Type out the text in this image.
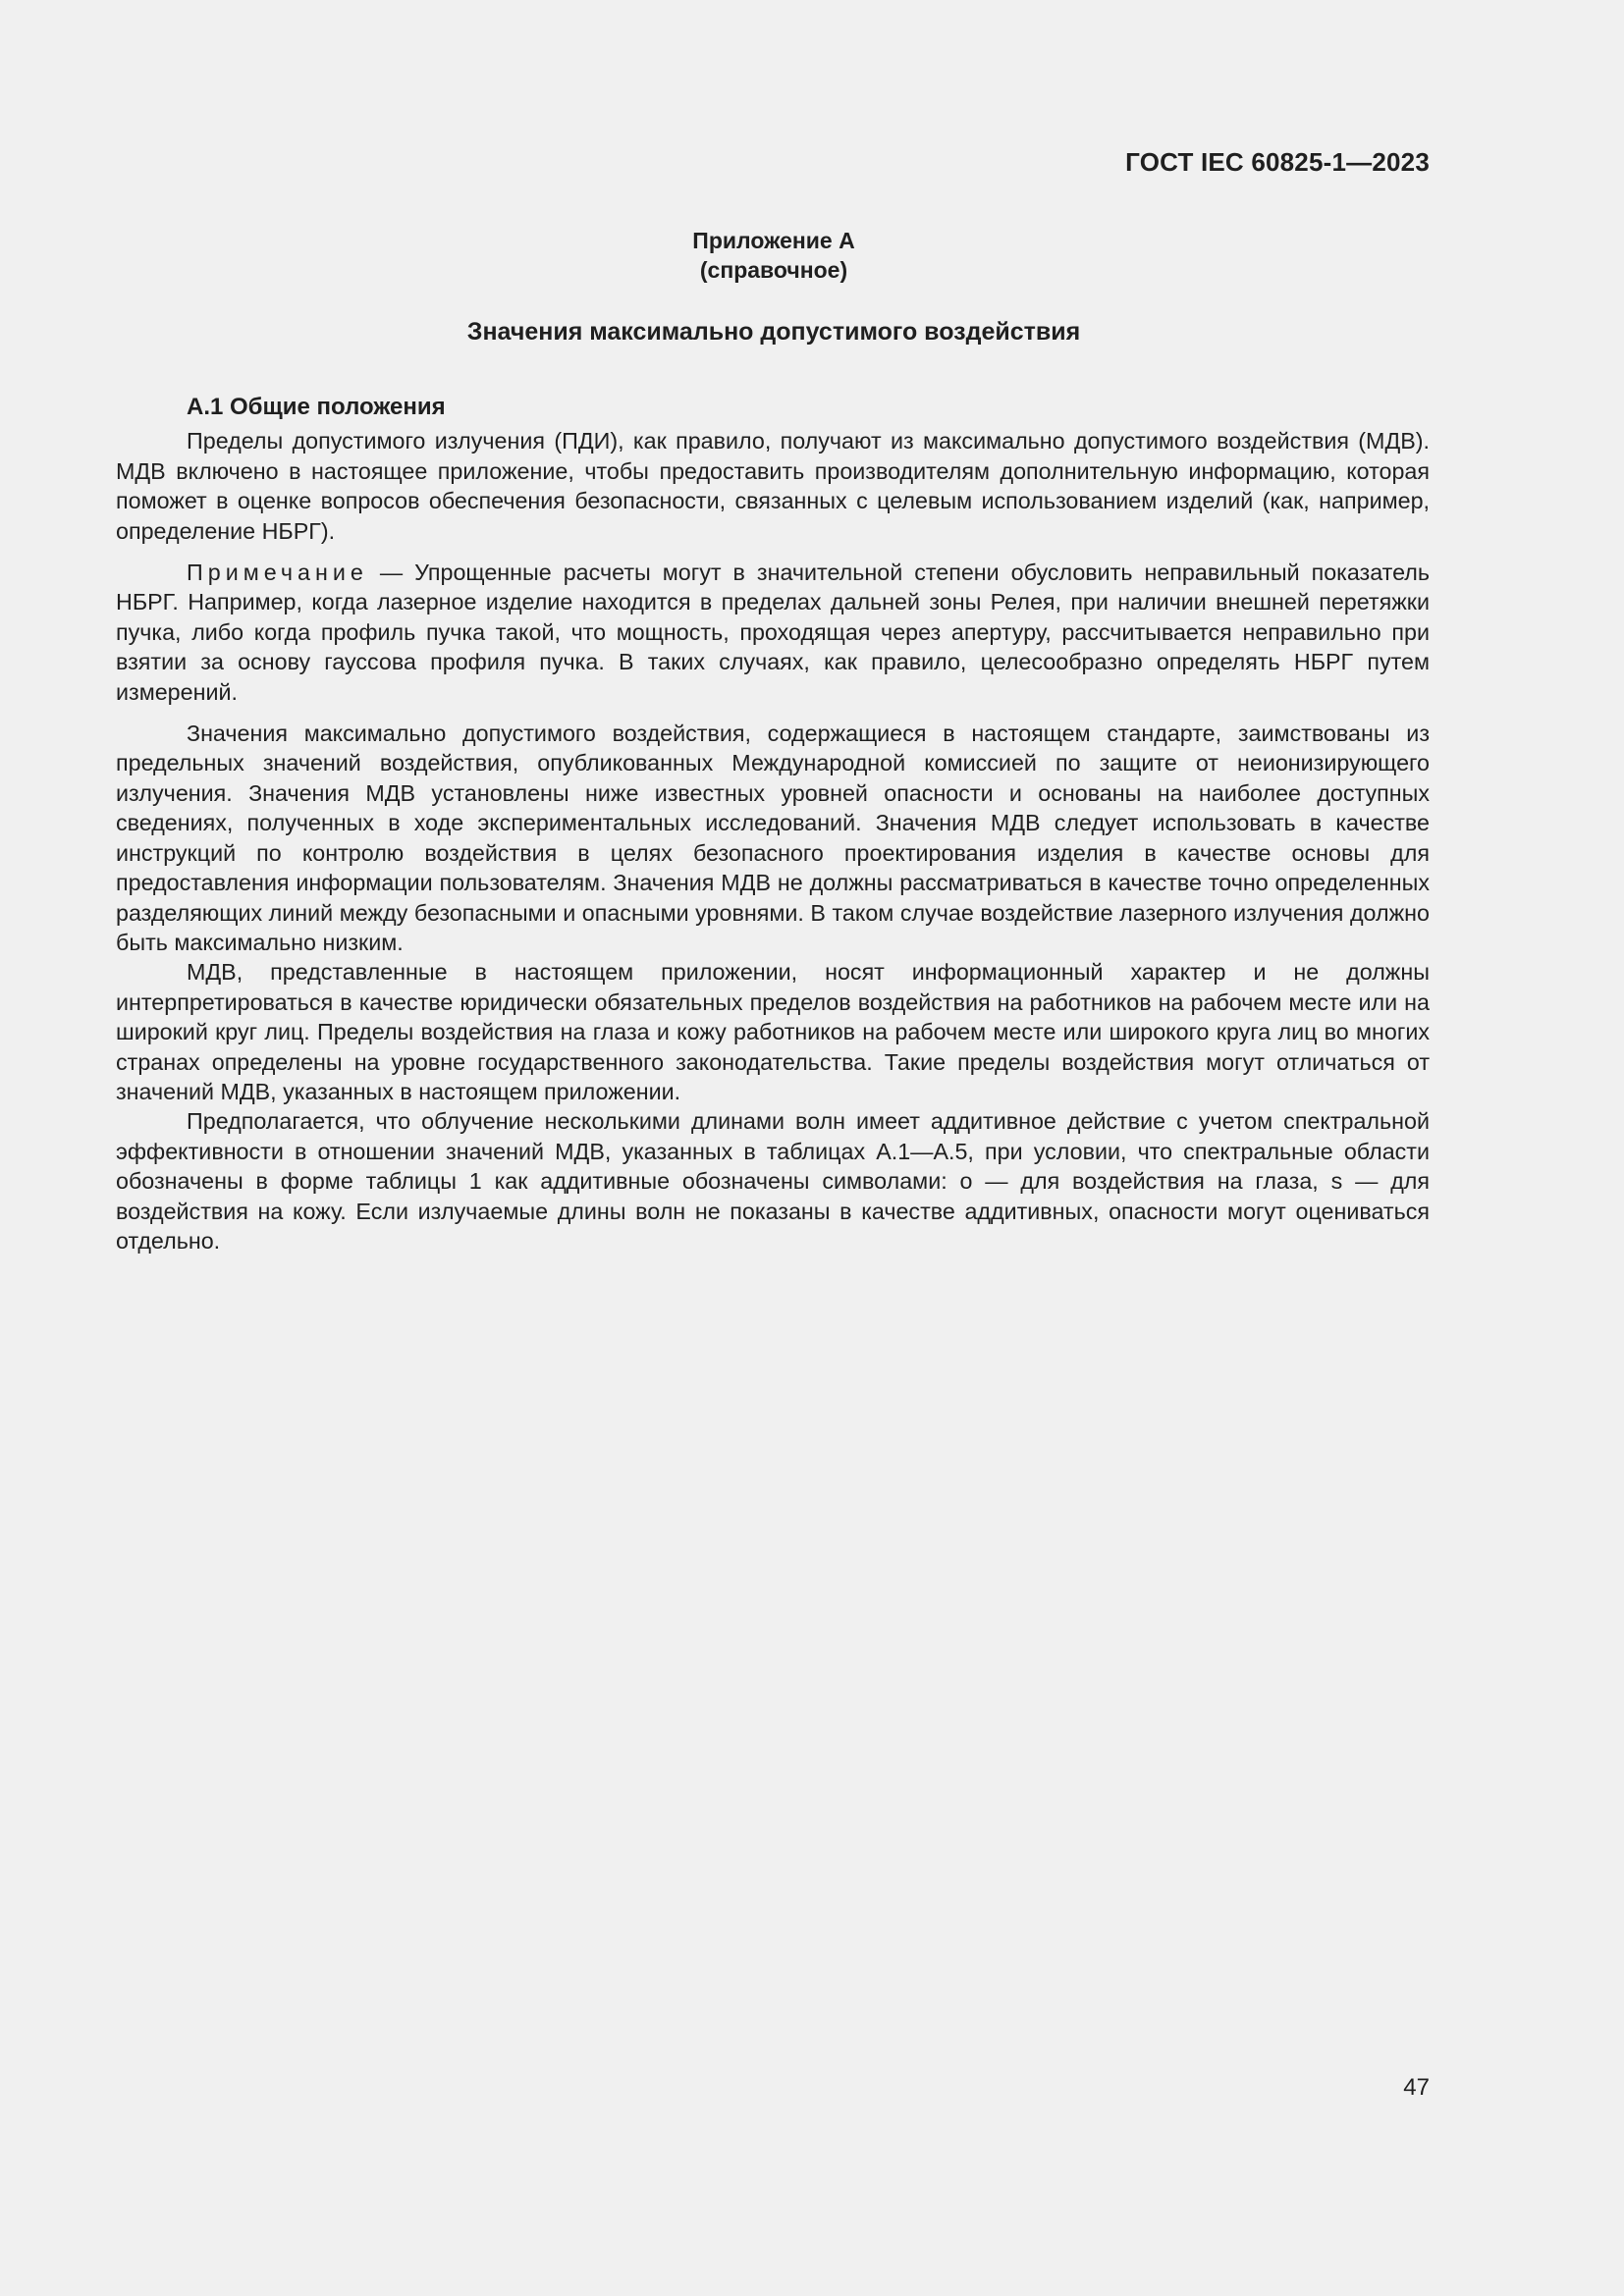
ГОСТ IEC 60825-1—2023
Приложение А
(справочное)
Значения максимально допустимого воздействия
А.1 Общие положения

Пределы допустимого излучения (ПДИ), как правило, получают из максимально допустимого воздействия (МДВ). МДВ включено в настоящее приложение, чтобы предоставить производителям дополнительную информацию, которая поможет в оценке вопросов обеспечения безопасности, связанных с целевым использованием изделий (как, например, определение НБРГ).

Примечание — Упрощенные расчеты могут в значительной степени обусловить неправильный показатель НБРГ. Например, когда лазерное изделие находится в пределах дальней зоны Релея, при наличии внешней перетяжки пучка, либо когда профиль пучка такой, что мощность, проходящая через апертуру, рассчитывается неправильно при взятии за основу гауссова профиля пучка. В таких случаях, как правило, целесообразно определять НБРГ путем измерений.

Значения максимально допустимого воздействия, содержащиеся в настоящем стандарте, заимствованы из предельных значений воздействия, опубликованных Международной комиссией по защите от неионизирующего излучения. Значения МДВ установлены ниже известных уровней опасности и основаны на наиболее доступных сведениях, полученных в ходе экспериментальных исследований. Значения МДВ следует использовать в качестве инструкций по контролю воздействия в целях безопасного проектирования изделия в качестве основы для предоставления информации пользователям. Значения МДВ не должны рассматриваться в качестве точно определенных разделяющих линий между безопасными и опасными уровнями. В таком случае воздействие лазерного излучения должно быть максимально низким.

МДВ, представленные в настоящем приложении, носят информационный характер и не должны интерпретироваться в качестве юридически обязательных пределов воздействия на работников на рабочем месте или на широкий круг лиц. Пределы воздействия на глаза и кожу работников на рабочем месте или широкого круга лиц во многих странах определены на уровне государственного законодательства. Такие пределы воздействия могут отличаться от значений МДВ, указанных в настоящем приложении.

Предполагается, что облучение несколькими длинами волн имеет аддитивное действие с учетом спектральной эффективности в отношении значений МДВ, указанных в таблицах А.1—А.5, при условии, что спектральные области обозначены в форме таблицы 1 как аддитивные обозначены символами: o — для воздействия на глаза, s — для воздействия на кожу. Если излучаемые длины волн не показаны в качестве аддитивных, опасности могут оцениваться отдельно.

47
